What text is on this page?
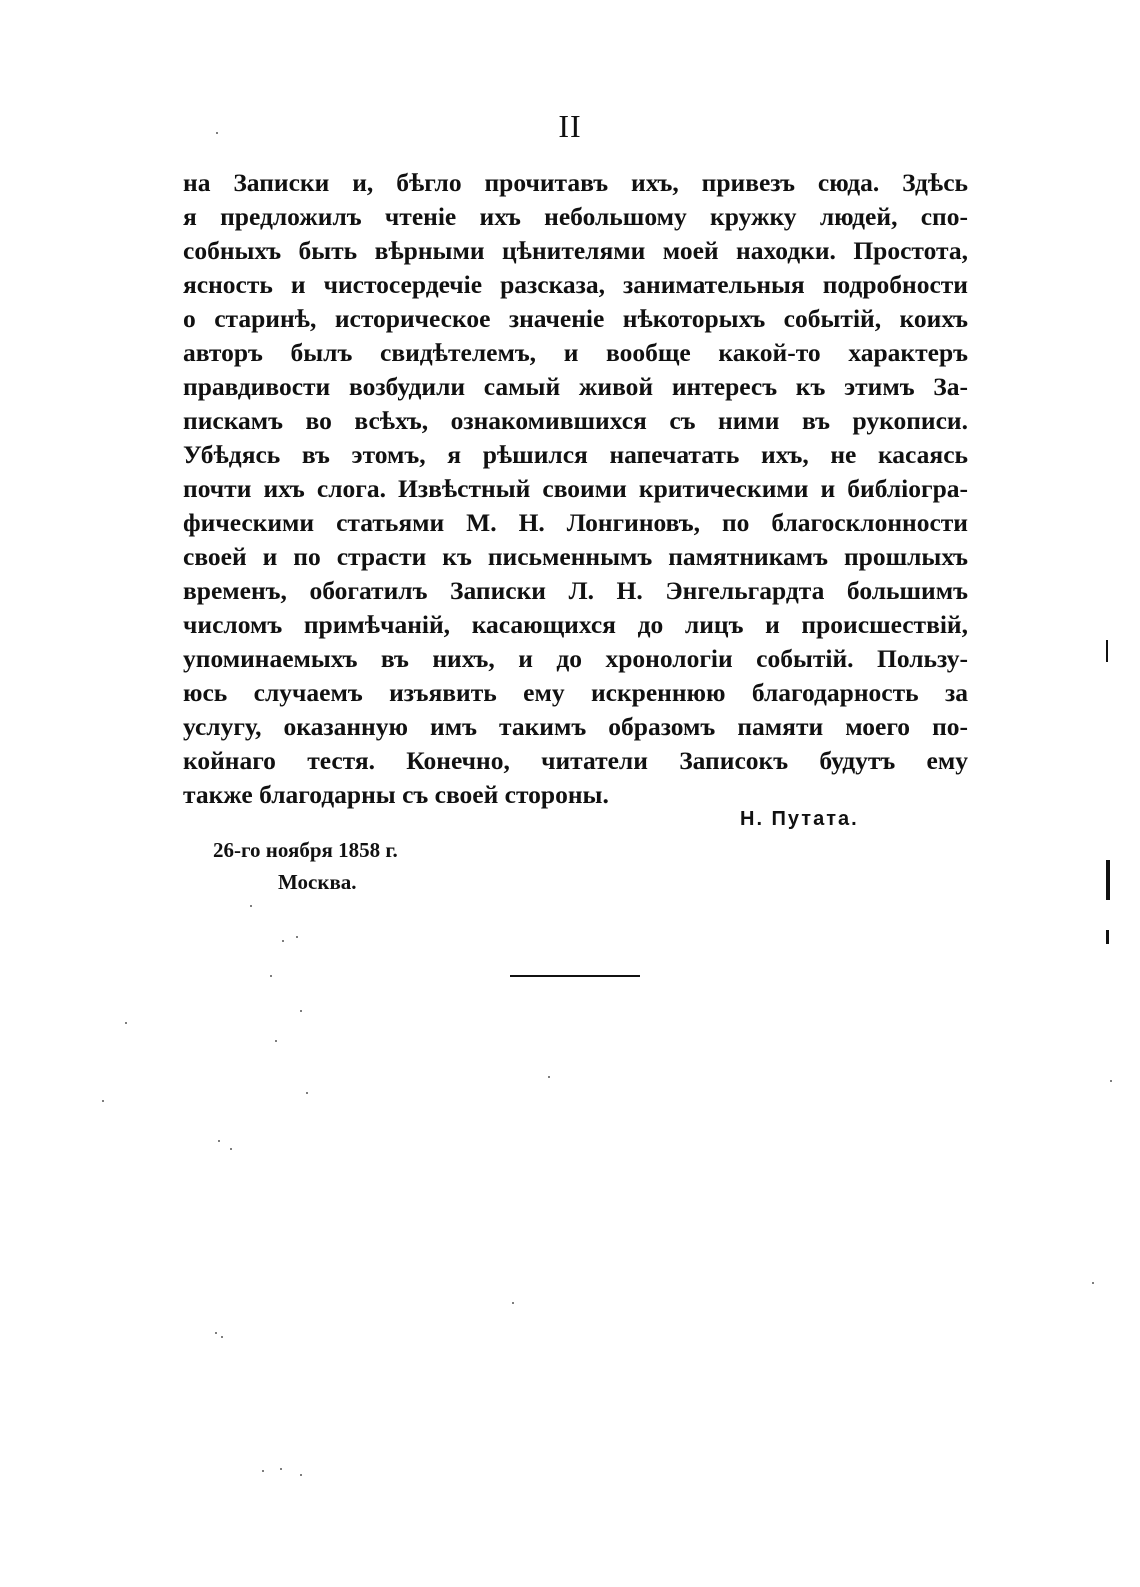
II
на Записки и, бѣгло прочитавъ ихъ, привезъ сюда. Здѣсь
я предложилъ чтенiе ихъ небольшому кружку людей, спо-
собныхъ быть вѣрными цѣнителями моей находки. Простота,
ясность и чистосердечiе разсказа, занимательныя подробности
о старинѣ, историческое значенiе нѣкоторыхъ событiй, коихъ
авторъ былъ свидѣтелемъ, и вообще какой-то характеръ
правдивости возбудили самый живой интересъ къ этимъ За-
пискамъ во всѣхъ, ознакомившихся съ ними въ рукописи.
Убѣдясь въ этомъ, я рѣшился напечатать ихъ, не касаясь
почти ихъ слога. Извѣстный своими критическими и библiогра-
фическими статьями М. Н. Лонгиновъ, по благосклонности
своей и по страсти къ письменнымъ памятникамъ прошлыхъ
временъ, обогатилъ Записки Л. Н. Энгельгардта большимъ
числомъ примѣчанiй, касающихся до лицъ и происшествiй,
упоминаемыхъ въ нихъ, и до хронологiи событiй. Пользу-
юсь случаемъ изъявить ему искреннюю благодарность за
услугу, оказанную имъ такимъ образомъ памяти моего по-
койнаго тестя. Конечно, читатели Записокъ будутъ ему
также благодарны съ своей стороны.
Н. Путата.
26-го ноября 1858 г.
Москва.
